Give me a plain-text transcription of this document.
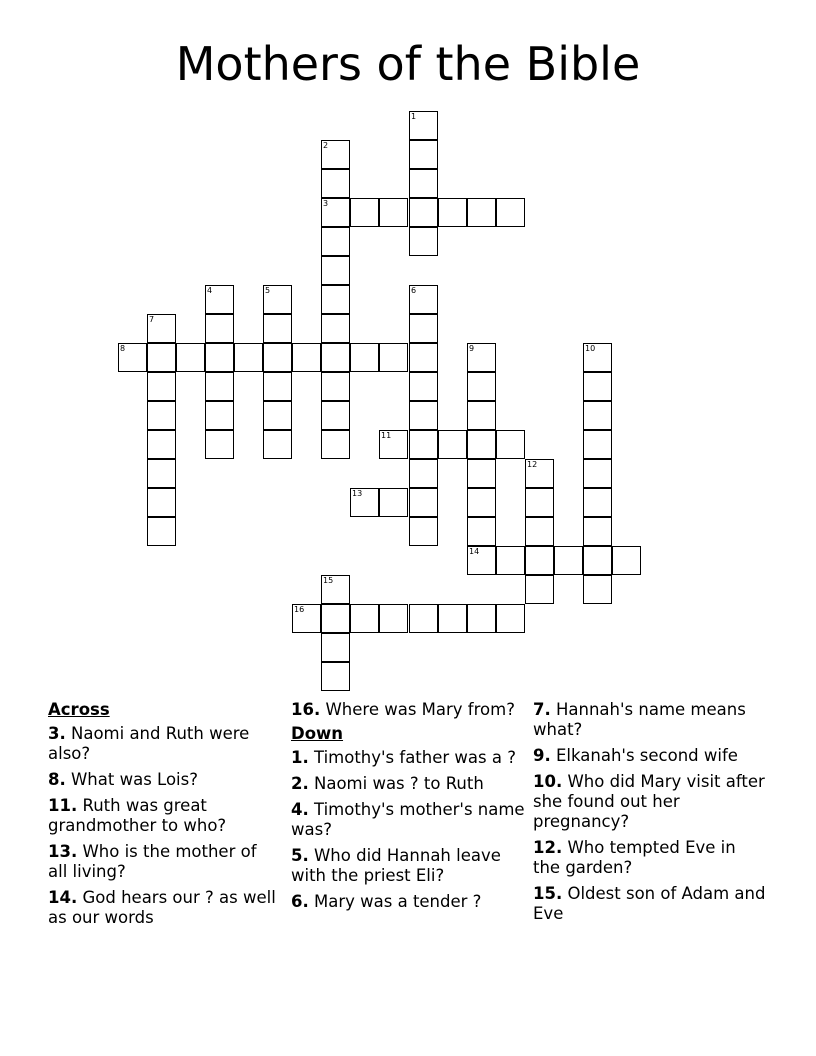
Mothers of the Bible
1
2
3
4	5	6
7
8	9
14
10
11
12
13
15
16
Across
3. Naomi and Ruth were also?
8. What was Lois?
11. Ruth was great grandmother to who?
13. Who is the mother of all living?
14. God hears our ? as well as our words
16. Where was Mary from?
Down
1. Timothy's father was a ?
2. Naomi was ? to Ruth
4. Timothy's mother's name was?
5. Who did Hannah leave with the priest Eli?
6. Mary was a tender ?
7. Hannah's name means what?
9. Elkanah's second wife
10. Who did Mary visit after she found out her pregnancy?
12. Who tempted Eve in the garden?
15. Oldest son of Adam and Eve
